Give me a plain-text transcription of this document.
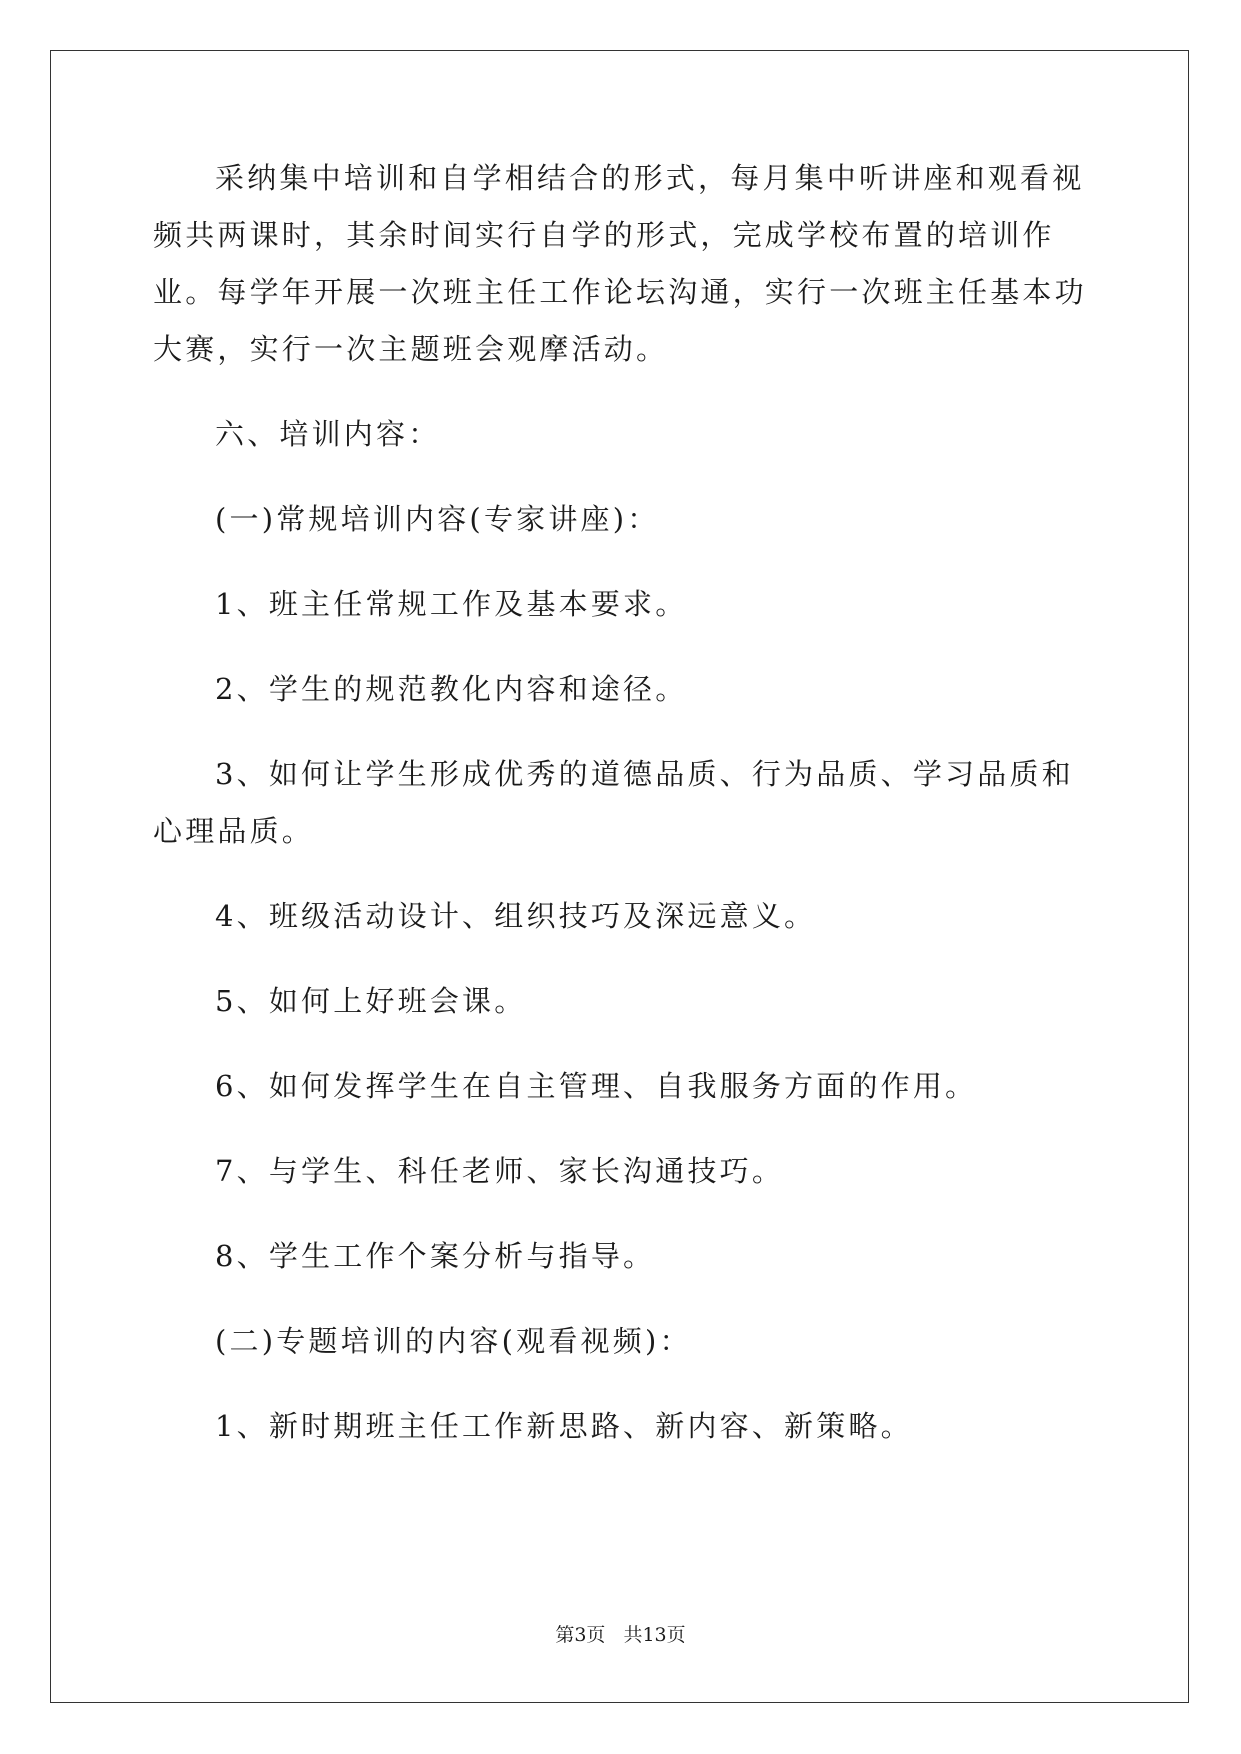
采纳集中培训和自学相结合的形式，每月集中听讲座和观看视频共两课时，其余时间实行自学的形式，完成学校布置的培训作业。每学年开展一次班主任工作论坛沟通，实行一次班主任基本功大赛，实行一次主题班会观摩活动。

六、培训内容：

(一)常规培训内容(专家讲座)：

1、班主任常规工作及基本要求。

2、学生的规范教化内容和途径。

3、如何让学生形成优秀的道德品质、行为品质、学习品质和心理品质。

4、班级活动设计、组织技巧及深远意义。

5、如何上好班会课。

6、如何发挥学生在自主管理、自我服务方面的作用。

7、与学生、科任老师、家长沟通技巧。

8、学生工作个案分析与指导。

(二)专题培训的内容(观看视频)：

1、新时期班主任工作新思路、新内容、新策略。

第3页 共13页
